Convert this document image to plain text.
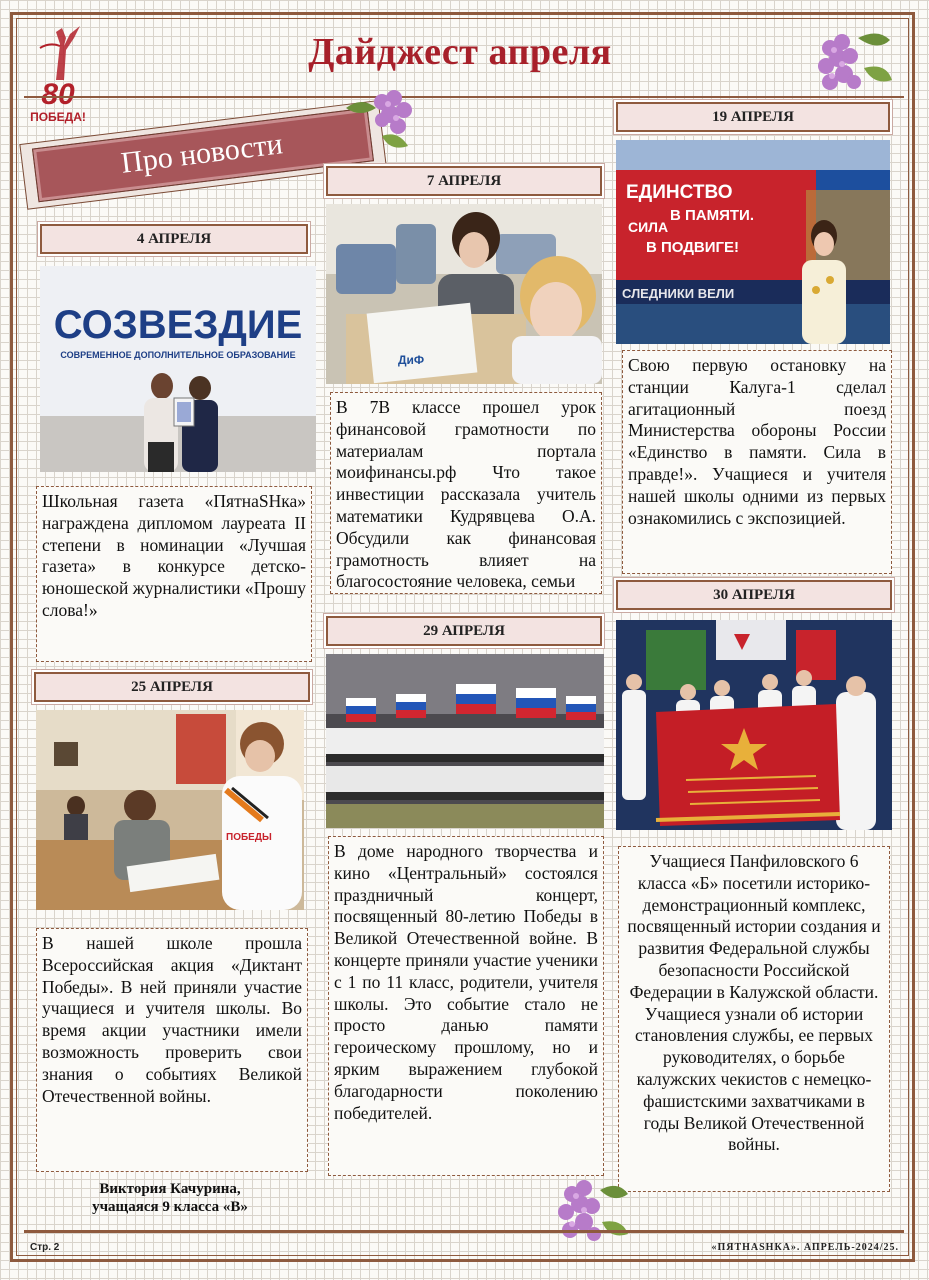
80
ПОБЕДА!
Дайджест апреля
Про новости
4 АПРЕЛЯ
СОЗВЕЗДИЕ
СОВРЕМЕННОЕ ДОПОЛНИТЕЛЬНОЕ ОБРАЗОВАНИЕ
Школьная газета «ПятнаSHка» награждена дипломом лауреата II степени в номинации «Лучшая газета» в конкурсе детско-юношеской журналистики «Прошу слова!»
7 АПРЕЛЯ
ДиФ
В 7В классе прошел урок финансовой грамотности по материалам портала моифинансы.рф Что такое инвестиции рассказала учитель математики Кудрявцева О.А. Обсудили как финансовая грамотность влияет на благосостояние человека, семьи
19 АПРЕЛЯ
ЕДИНСТВО
В ПАМЯТИ.
СИЛА
В ПОДВИГЕ!
СЛЕДНИКИ ВЕЛИ
Свою первую остановку на станции Калуга-1 сделал агитационный поезд Министерства обороны России «Единство в памяти. Сила в правде!». Учащиеся и учителя нашей школы одними из первых ознакомились с экспозицией.
25 АПРЕЛЯ
ПОБЕДЫ
В нашей школе прошла Всероссийская акция «Диктант Победы». В ней приняли участие учащиеся и учителя школы. Во время акции участники имели возможность проверить свои знания о событиях Великой Отечественной войны.
Виктория Качурина,
учащаяся 9 класса «В»
29 АПРЕЛЯ
В доме народного творчества и кино «Центральный» состоялся праздничный концерт, посвященный 80-летию Победы в Великой Отечественной войне. В концерте приняли участие ученики с 1 по 11 класс, родители, учителя школы. Это событие стало не просто данью памяти героическому прошлому, но и ярким выражением глубокой благодарности поколению победителей.
30 АПРЕЛЯ
Учащиеся Панфиловского 6 класса «Б» посетили историко-демонстрационный комплекс, посвященный истории создания и развития Федеральной службы безопасности Российской Федерации в Калужской области. Учащиеся узнали об истории становления службы, ее первых руководителях, о борьбе калужских чекистов с немецко-фашистскими захватчиками в годы Великой Отечественной войны.
Стр. 2	«ПЯТНАSHКА». АПРЕЛЬ-2024/25.
